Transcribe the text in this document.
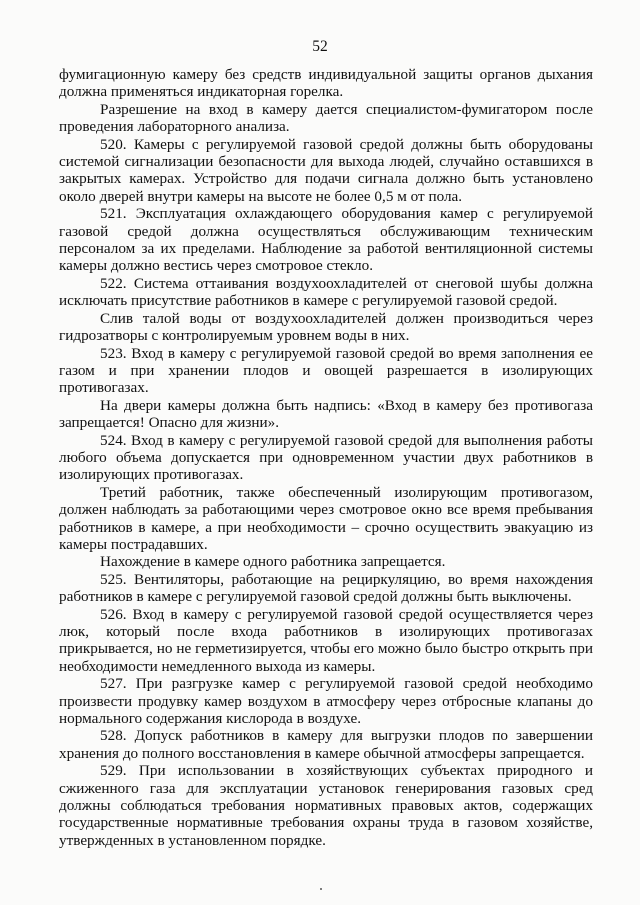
52

фумигационную камеру без средств индивидуальной защиты органов дыхания должна применяться индикаторная горелка.

Разрешение на вход в камеру дается специалистом-фумигатором после проведения лабораторного анализа.

520. Камеры с регулируемой газовой средой должны быть оборудованы системой сигнализации безопасности для выхода людей, случайно оставшихся в закрытых камерах. Устройство для подачи сигнала должно быть установлено около дверей внутри камеры на высоте не более 0,5 м от пола.

521. Эксплуатация охлаждающего оборудования камер с регулируемой газовой средой должна осуществляться обслуживающим техническим персоналом за их пределами. Наблюдение за работой вентиляционной системы камеры должно вестись через смотровое стекло.

522. Система оттаивания воздухоохладителей от снеговой шубы должна исключать присутствие работников в камере с регулируемой газовой средой.

Слив талой воды от воздухоохладителей должен производиться через гидрозатворы с контролируемым уровнем воды в них.

523. Вход в камеру с регулируемой газовой средой во время заполнения ее газом и при хранении плодов и овощей разрешается в изолирующих противогазах.

На двери камеры должна быть надпись: «Вход в камеру без противогаза запрещается! Опасно для жизни».

524. Вход в камеру с регулируемой газовой средой для выполнения работы любого объема допускается при одновременном участии двух работников в изолирующих противогазах.

Третий работник, также обеспеченный изолирующим противогазом, должен наблюдать за работающими через смотровое окно все время пребывания работников в камере, а при необходимости – срочно осуществить эвакуацию из камеры пострадавших.

Нахождение в камере одного работника запрещается.

525. Вентиляторы, работающие на рециркуляцию, во время нахождения работников в камере с регулируемой газовой средой должны быть выключены.

526. Вход в камеру с регулируемой газовой средой осуществляется через люк, который после входа работников в изолирующих противогазах прикрывается, но не герметизируется, чтобы его можно было быстро открыть при необходимости немедленного выхода из камеры.

527. При разгрузке камер с регулируемой газовой средой необходимо произвести продувку камер воздухом в атмосферу через отбросные клапаны до нормального содержания кислорода в воздухе.

528. Допуск работников в камеру для выгрузки плодов по завершении хранения до полного восстановления в камере обычной атмосферы запрещается.

529. При использовании в хозяйствующих субъектах природного и сжиженного газа для эксплуатации установок генерирования газовых сред должны соблюдаться требования нормативных правовых актов, содержащих государственные нормативные требования охраны труда в газовом хозяйстве, утвержденных в установленном порядке.
